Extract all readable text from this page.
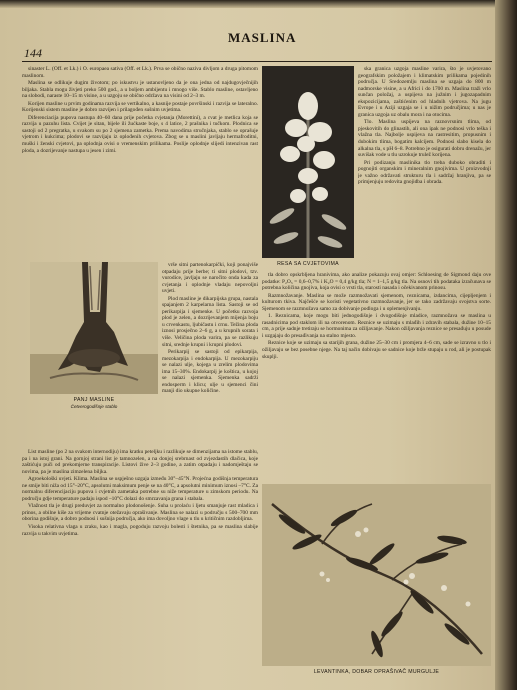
144
MASLINA

sinaster L. (Off. et Lk.) i O. europaea sativa (Off. et Lk.). Prva se obično naziva divljom a druga pitomom maslinom.

Maslina se odlikuje dugim životom; po iskustvu je ustanovljeno da je ona jedna od najdugovječnijih biljaka. Stabla mogu živjeti preko 500 god., a u boljem ambijentu i mnogo više. Stablo masline, ostavljeno na slobodi, naraste 10–15 m visine, a u uzgoju se obično održava na visini od 2–3 m.

Korijen masline u prvim godinama razvija se vertikalno, a kasnije postaje površinski i razvija se lateralno. Korijenski sistem masline je dobro razvijen i prilagođen sušnim uvjetima.

Diferenciacija pupova nastupa 40–60 dana prije početka cvjetanja (Morettini), a cvat je metlica koja se razvija u pazuhu lista. Cvijet je sitan, bijele ili žućkaste boje, s 4 latice, 2 prašnika i tučkom. Plodnica se sastoji od 2 pregratka, u svakom su po 2 sjemena zametka. Prema navodima stručnjaka, stablo se oprašuje vjetrom i kukcima; plodovi se razvijaju iz oplođenih cvjetova. Zbog se u maslini javljaju hermafroditni, muški i ženski cvjetovi, pa oplodnja ovisi o vremenskim prilikama. Poslije oplodnje slijedi intenzivan rast ploda, a dozrijevanje nastupa u jesen i zimi.

PANJ MASLINE
Četverogodišnje stablo

vrše sitni partenokarpički, koji ponajviše otpadaju prije berbe; ti sitni plodovi, tzv. vurodice, javljaju se naročito onda kada za cvjetanja i oplodnje vladaju nepovoljni uvjeti.

Plod masline je dikarpijska grupa, nastala spajanjem 2 karpelarna lista. Sastoji se od perikarpija i sjemenke. U početku razvoja plod je zelen, a dozrijevanjem mijenja boju u crvenkastu, ljubičastu i crnu. Težina ploda iznosi prosječno 2–6 g, a u krupnih sorata i više. Veličina ploda varira, pa se razlikuju sitni, srednje krupni i krupni plodovi.

Perikarpij se sastoji od epikarpija, mezokarpija i endokarpija. U mezokarpiju se nalazi ulje, kojega u zrelim plodovima ima 15–30%. Endokarpij je koštica, u kojoj se nalazi sjemenka. Sjemenka sadrži endosperm i klicu; ulje u sjemenci čini manji dio ukupne količine.

List masline (po 2 na svakom internodiju) ima kratku peteljku i razlikuje se dimenzijama na istome stablu, pa i na istoj grani. Na gornjoj strani list je tamnozelen, a na donjoj srebrnast od zvjezdastih dlačica, koje zaštićuju puči od prekomjerne transpiracije. Listovi žive 2–3 godine, a zatim otpadaju i nadomještaju se novima, pa je maslina zimzelena biljka.

Agroekološki uvjeti. Klima. Maslina se uspješno uzgaja između 30°–45°N. Projećna godišnja temperatura ne smije biti niža od 15°–20°C, apsolutni maksimum penje se na 40°C, a apsolutni minimum iznosi –7°C. Za normalnu diferencijaciju pupova i cvjetnih zametaka potrebne su niže temperature u zimskom periodu. Na području gdje temperature padaju ispod –10°C dolazi do smrzavanja grana i stabala.

Vlažnost tla je drugi preduvjet za normalno plodonošenje. Suha u prolaću i ljetu smanjuje rast mladica i prinos, a obilne kiše za vrijeme cvatnje otežavaju oprašivanje. Maslina se nalazi u području s 500–700 mm oborina godišnje, a dobro podnosi i sušnija područja, ako ima dovoljno vlage u tlu u kritičnim razdobljima.

Visoka relativna vlaga u zraku, kao i magla, pogoduju razvoju bolesti i štetnika, pa se maslina slabije razvija u takvim uvjetima.

RESA SA CVJETOVIMA

ska granica uzgoja masline varira, što je uvjetovano geografskim položajem i klimatskim prilikama pojedinih područja. U Sredozemlju maslina se uzgaja do 800 m nadmorske visine, a u Africi i do 1700 m. Maslina traži vrlo sunčan položaj, a uspijeva na južnim i jugozapadnim ekspozicijama, zaštićenim od hladnih vjetrova. Na jugu Evrope i u Aziji uzgaja se i u nižim područjima; u nas je granica uzgoja uz obalu mora i na otocima.

Tlo. Maslina uspijeva na raznovrsnim tlima, od pjeskovitih do glinastih, ali ona ipak ne podnosi vrlo teška i vlažna tla. Najbolje uspijeva na rastresitim, propusnim i dubokim tlima, bogatim kalcijem. Podnosi slabo kisela do alkalna tla, s pH 6–8. Potrebno je osigurati dobru drenažu, jer suvišak vode u tlu uzrokuje trulež korijena.

Pri podizanju maslinika tlo treba duboko obraditi i pognojiti organskim i mineralnim gnojivima. U proizvodnji je važno održavati strukturu tla i sadržaj hranjiva, pa se primjenjuju redovita gnojidba i obrada.

tla dobro opskrbljena hranivima, ako analize pokazuju ovaj omjer: Schloesing de Sigmond daju ove podatke: P₂O₅ = 0,6–0,7% i K₂O = 0,4 g/kg tla; N = 1–1,5 g/kg tla. Na osnovi tih podataka izračunava se potrebna količina gnojiva, koja ovisi o vrsti tla, starosti nasada i očekivanom prinosu.

Razmnožavanje. Maslina se može razmnožavati sjemenom, reznicama, izdancima, cijepljenjem i kulturom tkiva. Najčešće se koristi vegetativno razmnožavanje, jer se tako zadržavaju svojstva sorte. Sjemenom se razmnožava samo za dobivanje podloga i u oplemenjivanju.

1. Reznicama, koje mogu biti jednogodišnje i dvogodišnje mladice, razmnožava se maslina u rasadnicima pod staklom ili na otvorenom. Reznice se uzimaju s mlađih i zdravih stabala, dužine 10–15 cm, a prije sadnje tretiraju se hormonima za ožiljavanje. Nakon ožiljavanja reznice se presađuju u posude i uzgajaju do presađivanja na stalno mjesto.

Reznice koje se uzimaju sa starijih grana, dužine 25–30 cm i promjera 4–6 cm, sade se izravno u tlo i ožiljavaju se bez posebne njege. Na taj način dobivaju se sadnice koje brže stupaju u rod, ali je postupak skuplji.

LEVANTINKA, DOBAR OPRAŠIVAČ MURGULJE
